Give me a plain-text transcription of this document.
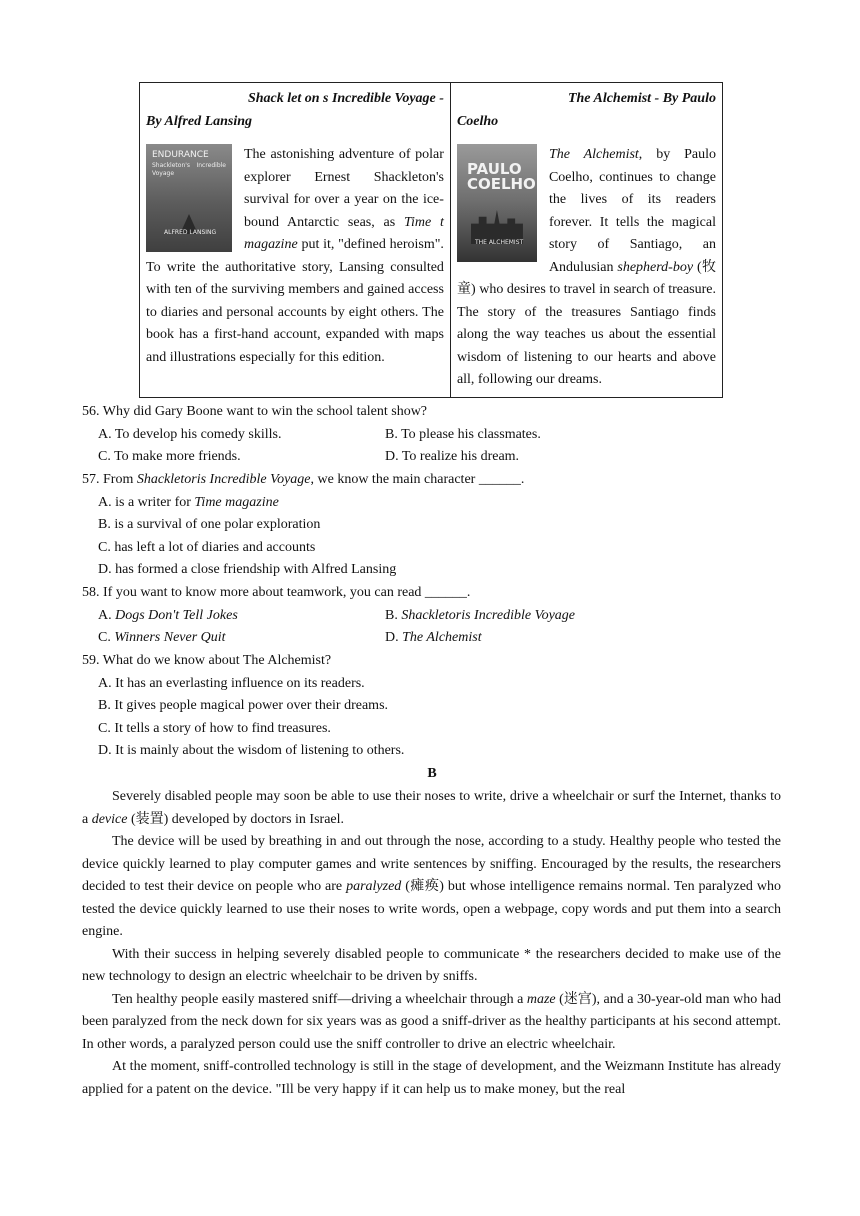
Shack let on s Incredible Voyage -
By Alfred Lansing
ENDURANCE
Shackleton's Incredible Voyage
ALFRED LANSING
The astonishing adventure of polar explorer Ernest Shackleton's survival for over a year on the ice-bound Antarctic seas, as Time t magazine put it, "defined heroism". To write the authoritative story, Lansing consulted with ten of the surviving members and gained access to diaries and personal accounts by eight others. The book has a first-hand account, expanded with maps and illustrations especially for this edition.
The Alchemist - By Paulo
Coelho
PAULO
COELHO
THE ALCHEMIST
The Alchemist, by Paulo Coelho, continues to change the lives of its readers forever. It tells the magical story of Santiago, an Andulusian shepherd-boy (牧童) who desires to travel in search of treasure. The story of the treasures Santiago finds along the way teaches us about the essential wisdom of listening to our hearts and above all, following our dreams.
56. Why did Gary Boone want to win the school talent show?
A. To develop his comedy skills.	B. To please his classmates.
C. To make more friends.	D. To realize his dream.
57. From Shackletoris Incredible Voyage, we know the main character ______.
A. is a writer for Time magazine
B. is a survival of one polar exploration
C. has left a lot of diaries and accounts
D. has formed a close friendship with Alfred Lansing
58. If you want to know more about teamwork, you can read ______.
A. Dogs Don't Tell Jokes	B. Shackletoris Incredible Voyage
C. Winners Never Quit	D. The Alchemist
59. What do we know about The Alchemist?
A. It has an everlasting influence on its readers.
B. It gives people magical power over their dreams.
C. It tells a story of how to find treasures.
D. It is mainly about the wisdom of listening to others.
B

Severely disabled people may soon be able to use their noses to write, drive a wheelchair or surf the Internet, thanks to a device (装置) developed by doctors in Israel.

The device will be used by breathing in and out through the nose, according to a study. Healthy people who tested the device quickly learned to play computer games and write sentences by sniffing. Encouraged by the results, the researchers decided to test their device on people who are paralyzed (瘫痪) but whose intelligence remains normal. Ten paralyzed who tested the device quickly learned to use their noses to write words, open a webpage, copy words and put them into a search engine.

With their success in helping severely disabled people to communicate * the researchers decided to make use of the new technology to design an electric wheelchair to be driven by sniffs.

Ten healthy people easily mastered sniff—driving a wheelchair through a maze (迷宫), and a 30-year-old man who had been paralyzed from the neck down for six years was as good a sniff-driver as the healthy participants at his second attempt. In other words, a paralyzed person could use the sniff controller to drive an electric wheelchair.

At the moment, sniff-controlled technology is still in the stage of development, and the Weizmann Institute has already applied for a patent on the device. "Ill be very happy if it can help us to make money, but the real
